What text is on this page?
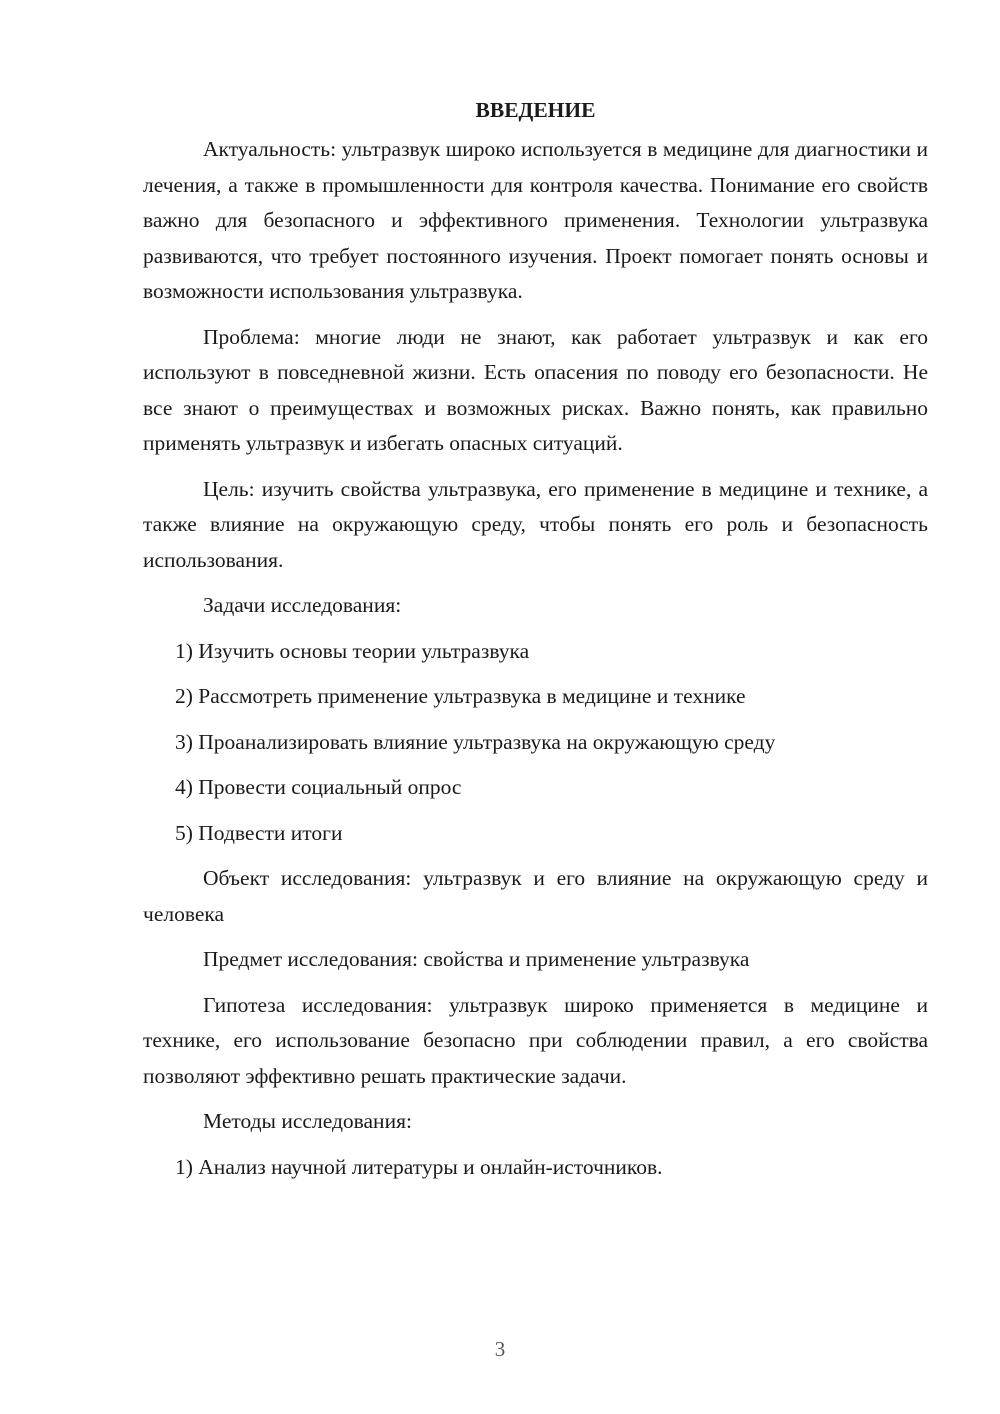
ВВЕДЕНИЕ

Актуальность: ультразвук широко используется в медицине для диагностики и лечения, а также в промышленности для контроля качества. Понимание его свойств важно для безопасного и эффективного применения. Технологии ультразвука развиваются, что требует постоянного изучения. Проект помогает понять основы и возможности использования ультразвука.

Проблема: многие люди не знают, как работает ультразвук и как его используют в повседневной жизни. Есть опасения по поводу его безопасности. Не все знают о преимуществах и возможных рисках. Важно понять, как правильно применять ультразвук и избегать опасных ситуаций.

Цель: изучить свойства ультразвука, его применение в медицине и технике, а также влияние на окружающую среду, чтобы понять его роль и безопасность использования.

Задачи исследования:

1) Изучить основы теории ультразвука

2) Рассмотреть применение ультразвука в медицине и технике

3) Проанализировать влияние ультразвука на окружающую среду

4) Провести социальный опрос

5) Подвести итоги

Объект исследования: ультразвук и его влияние на окружающую среду и человека

Предмет исследования: свойства и применение ультразвука

Гипотеза исследования: ультразвук широко применяется в медицине и технике, его использование безопасно при соблюдении правил, а его свойства позволяют эффективно решать практические задачи.

Методы исследования:

1) Анализ научной литературы и онлайн-источников.

3
